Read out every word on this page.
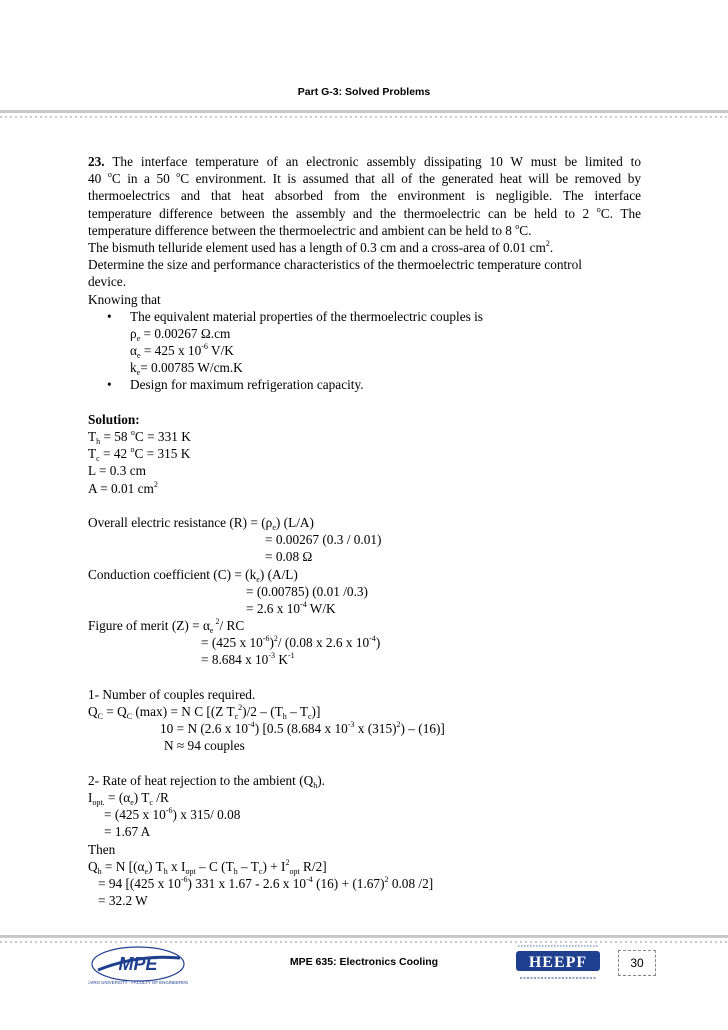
Part G-3: Solved Problems
23. The interface temperature of an electronic assembly dissipating 10 W must be limited to
40 $^o$C in a 50 $^o$C environment. It is assumed that all of the generated heat will be removed by
thermoelectrics and that heat absorbed from the environment is negligible. The interface
temperature difference between the assembly and the thermoelectric can be held to 2 $^o$C. The
temperature difference between the thermoelectric and ambient can be held to 8 $^o$C.
The bismuth telluride element used has a length of 0.3 cm and a cross-area of 0.01 $cm^2$.
Determine the size and performance characteristics of the thermoelectric temperature control
device.
Knowing that
• The equivalent material properties of the thermoelectric couples is
$\rho_e = 0.00267$ Ω.cm
$\alpha_e = 425$ x $10^{-6}$ V/K
$k_e= 0.00785$ W/cm.K
• Design for maximum refrigeration capacity.
Solution:
$T_h = 58$ $^o$C = 331 K
$T_c = 42$ $^o$C = 315 K
L = 0.3 cm
A = 0.01 $cm^2$
Overall electric resistance $(R) = (\rho_e)$ (L/A)
= 0.00267 (0.3 / 0.01)
= 0.08 Ω
Conduction coefficient $(C) = (k_e)$ (A/L)
= (0.00785) (0.01 /0.3)
= 2.6 x $10^{-4}$ W/K
Figure of merit $(Z) = \alpha_e$ $^2$/ RC
= (425 x $10^{-6})^2/$ (0.08 x 2.6 x $10^{-4}$)
= 8.684 x $10^{-3}$ $K^{-1}$
1- Number of couples required.
$Q_C = Q_C$ (max) = N C [(Z $T_c^2)/2 - (T_h - T_c)$]
10 = N (2.6 x $10^{-4}$) [0.5 (8.684 x $10^{-3}$ x $(315)^2) - (16)$]
N ≈ 94 couples
2- Rate of heat rejection to the ambient $(Q_h)$.
$I_{opt.} = (\alpha_e)$ $T_c$ /R
= (425 x $10^{-6}$) x 315/ 0.08
= 1.67 A
Then
$Q_h = N$ [$(\alpha_e)$ $T_h$ x $I_{opt}$ – C $(T_h - T_c) + I^2_{opt}$ R/2]
= 94 [(425 x $10^{-6}$) 331 x 1.67 - 2.6 x $10^{-4}$ $(16) + (1.67)^2$ 0.08 /2]
= 32.2 W
MPE
CAIRO UNIVERSITY · FACULTY OF ENGINEERING
MPE 635: Electronics Cooling	HEEPF	30
